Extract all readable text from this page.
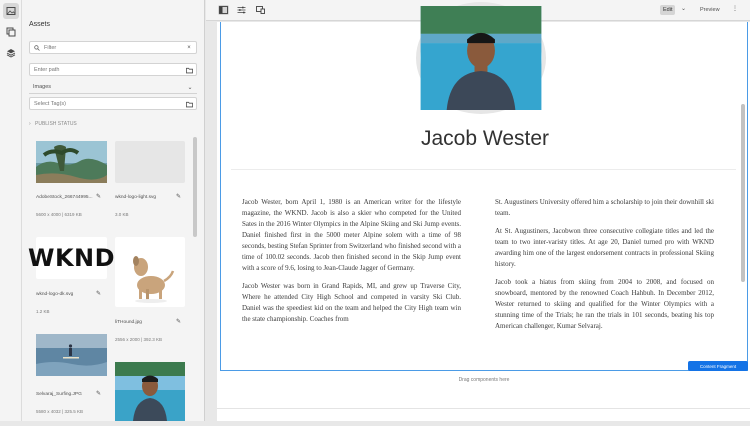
Assets
Filter
×
Enter path
Images	⌄
Select Tag(s)
› PUBLISH STATUS
AdobeStock_266744995... ✎
5600 x 4000 | 6319 KB
wknd-logo-light.svg	✎
3.0 KB
WKND
wknd-logo-dk.svg	✎
1.2 KB
liTHound.jpg	✎
2556 x 2000 | 392.3 KB
Selvaraj_Surfing.JPG ✎
5580 x 4032 | 325.5 KB
Edit	⌄	Preview	⋮
Jacob Wester

Jacob Wester, born April 1, 1980 is an American writer for the lifestyle magazine, the WKND. Jacob is also a skier who competed for the United Sates in the 2016 Winter Olympics in the Alpine Skiing and Ski Jump events. Daniel finished first in the 5000 meter Alpine solem with a time of 98 seconds, besting Stefan Sprinter from Switzerland who finished second with a time of 100.02 seconds. Jacob then finished second in the Skip Jump event with a score of 9.6, losing to Jean-Claude Jagger of Germany.

Jacob Wester was born in Grand Rapids, MI, and grew up Traverse City, Where he attended City High School and competed in varsity Ski Club. Daniel was the speediest kid on the team and helped the City High team win the state championship. Coaches from

St. Augustiners University offered him a scholarship to join their downhill ski team.

At St. Augustiners, Jacobwon three consecutive collegiate titles and led the team to two inter-varisty titles. At age 20, Daniel turned pro with WKND awarding him one of the largest endorsement contracts in professional Skiing history.

Jacob took a hiatus from skiing from 2004 to 2008, and focused on snowboard, mentored by the renowned Coach Hahbuh. In December 2012, Wester returned to skiing and qualified for the Winter Olympics with a stunning time of the Trials; he ran the trials in 101 seconds, beating his top American challenger, Kumar Selvaraj.

Content Fragment
Drag components here
